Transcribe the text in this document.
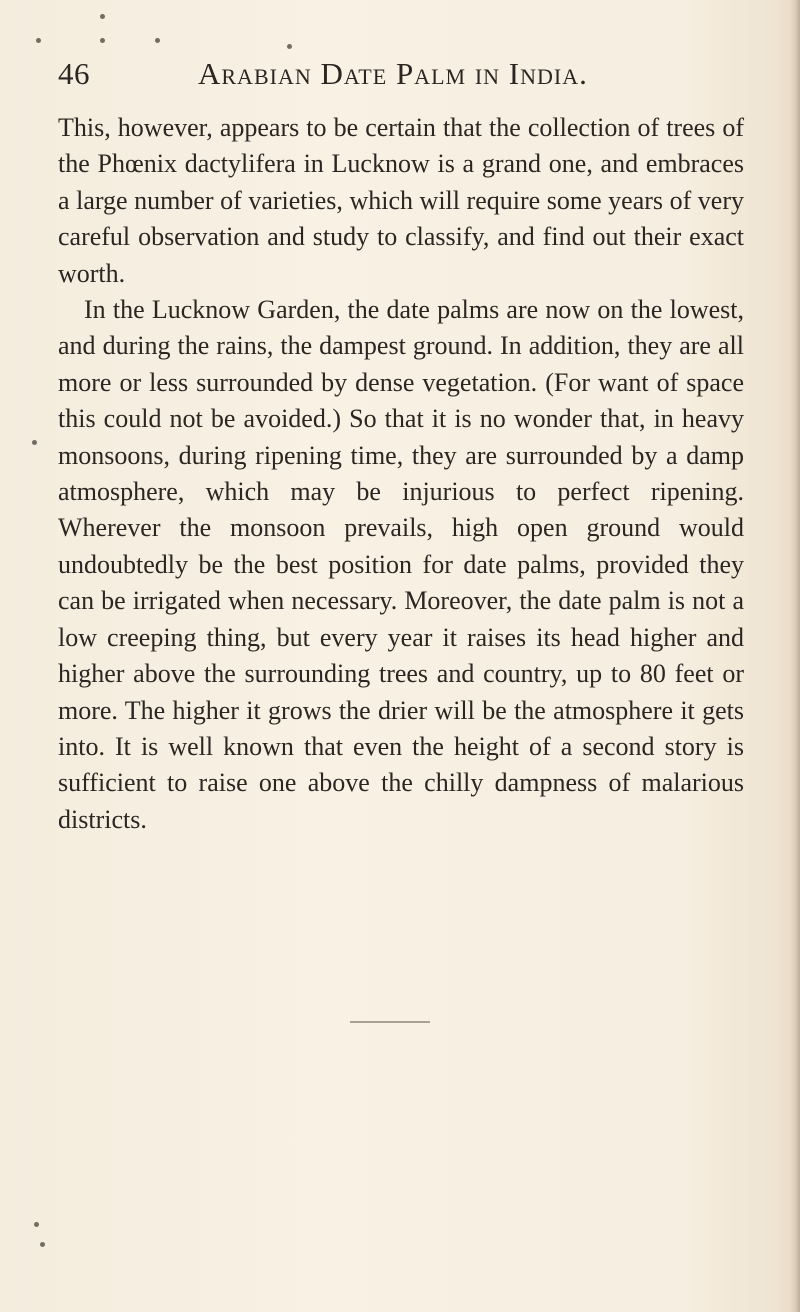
46	Arabian Date Palm in India.

This, however, appears to be certain that the collection of trees of the Phœnix dactylifera in Lucknow is a grand one, and embraces a large number of varieties, which will require some years of very careful observation and study to classify, and find out their exact worth.

In the Lucknow Garden, the date palms are now on the lowest, and during the rains, the dampest ground. In addition, they are all more or less surrounded by dense vegetation. (For want of space this could not be avoided.) So that it is no wonder that, in heavy monsoons, during ripening time, they are surrounded by a damp atmosphere, which may be injurious to perfect ripening. Wherever the monsoon prevails, high open ground would undoubtedly be the best position for date palms, provided they can be irrigated when necessary. Moreover, the date palm is not a low creeping thing, but every year it raises its head higher and higher above the surrounding trees and country, up to 80 feet or more. The higher it grows the drier will be the atmosphere it gets into. It is well known that even the height of a second story is sufficient to raise one above the chilly dampness of malarious districts.
